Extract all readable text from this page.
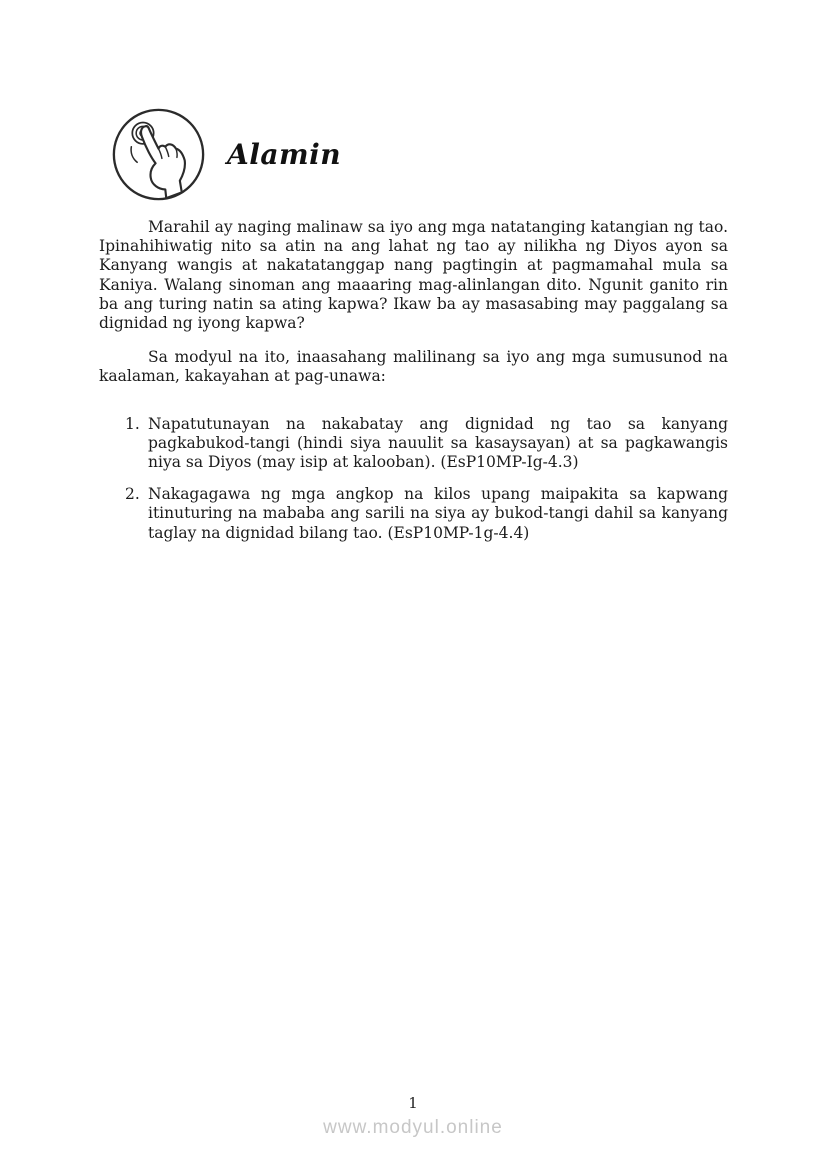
Alamin

Marahil ay naging malinaw sa iyo ang mga natatanging katangian ng tao. Ipinahihiwatig nito sa atin na ang lahat ng tao ay nilikha ng Diyos ayon sa Kanyang wangis at nakatatanggap nang pagtingin at pagmamahal mula sa Kaniya. Walang sinoman ang maaaring mag-alinlangan dito. Ngunit ganito rin ba ang turing natin sa ating kapwa? Ikaw ba ay masasabing may paggalang sa dignidad ng iyong kapwa?

Sa modyul na ito, inaasahang malilinang sa iyo ang mga sumusunod na kaalaman, kakayahan at pag-unawa:

1. Napatutunayan na nakabatay ang dignidad ng tao sa kanyang pagkabukod-tangi (hindi siya nauulit sa kasaysayan) at sa pagkawangis niya sa Diyos (may isip at kalooban). (EsP10MP-Ig-4.3)
2. Nakagagawa ng mga angkop na kilos upang maipakita sa kapwang itinuturing na mababa ang sarili na siya ay bukod-tangi dahil sa kanyang taglay na dignidad bilang tao. (EsP10MP-1g-4.4)
1
www.modyul.online
